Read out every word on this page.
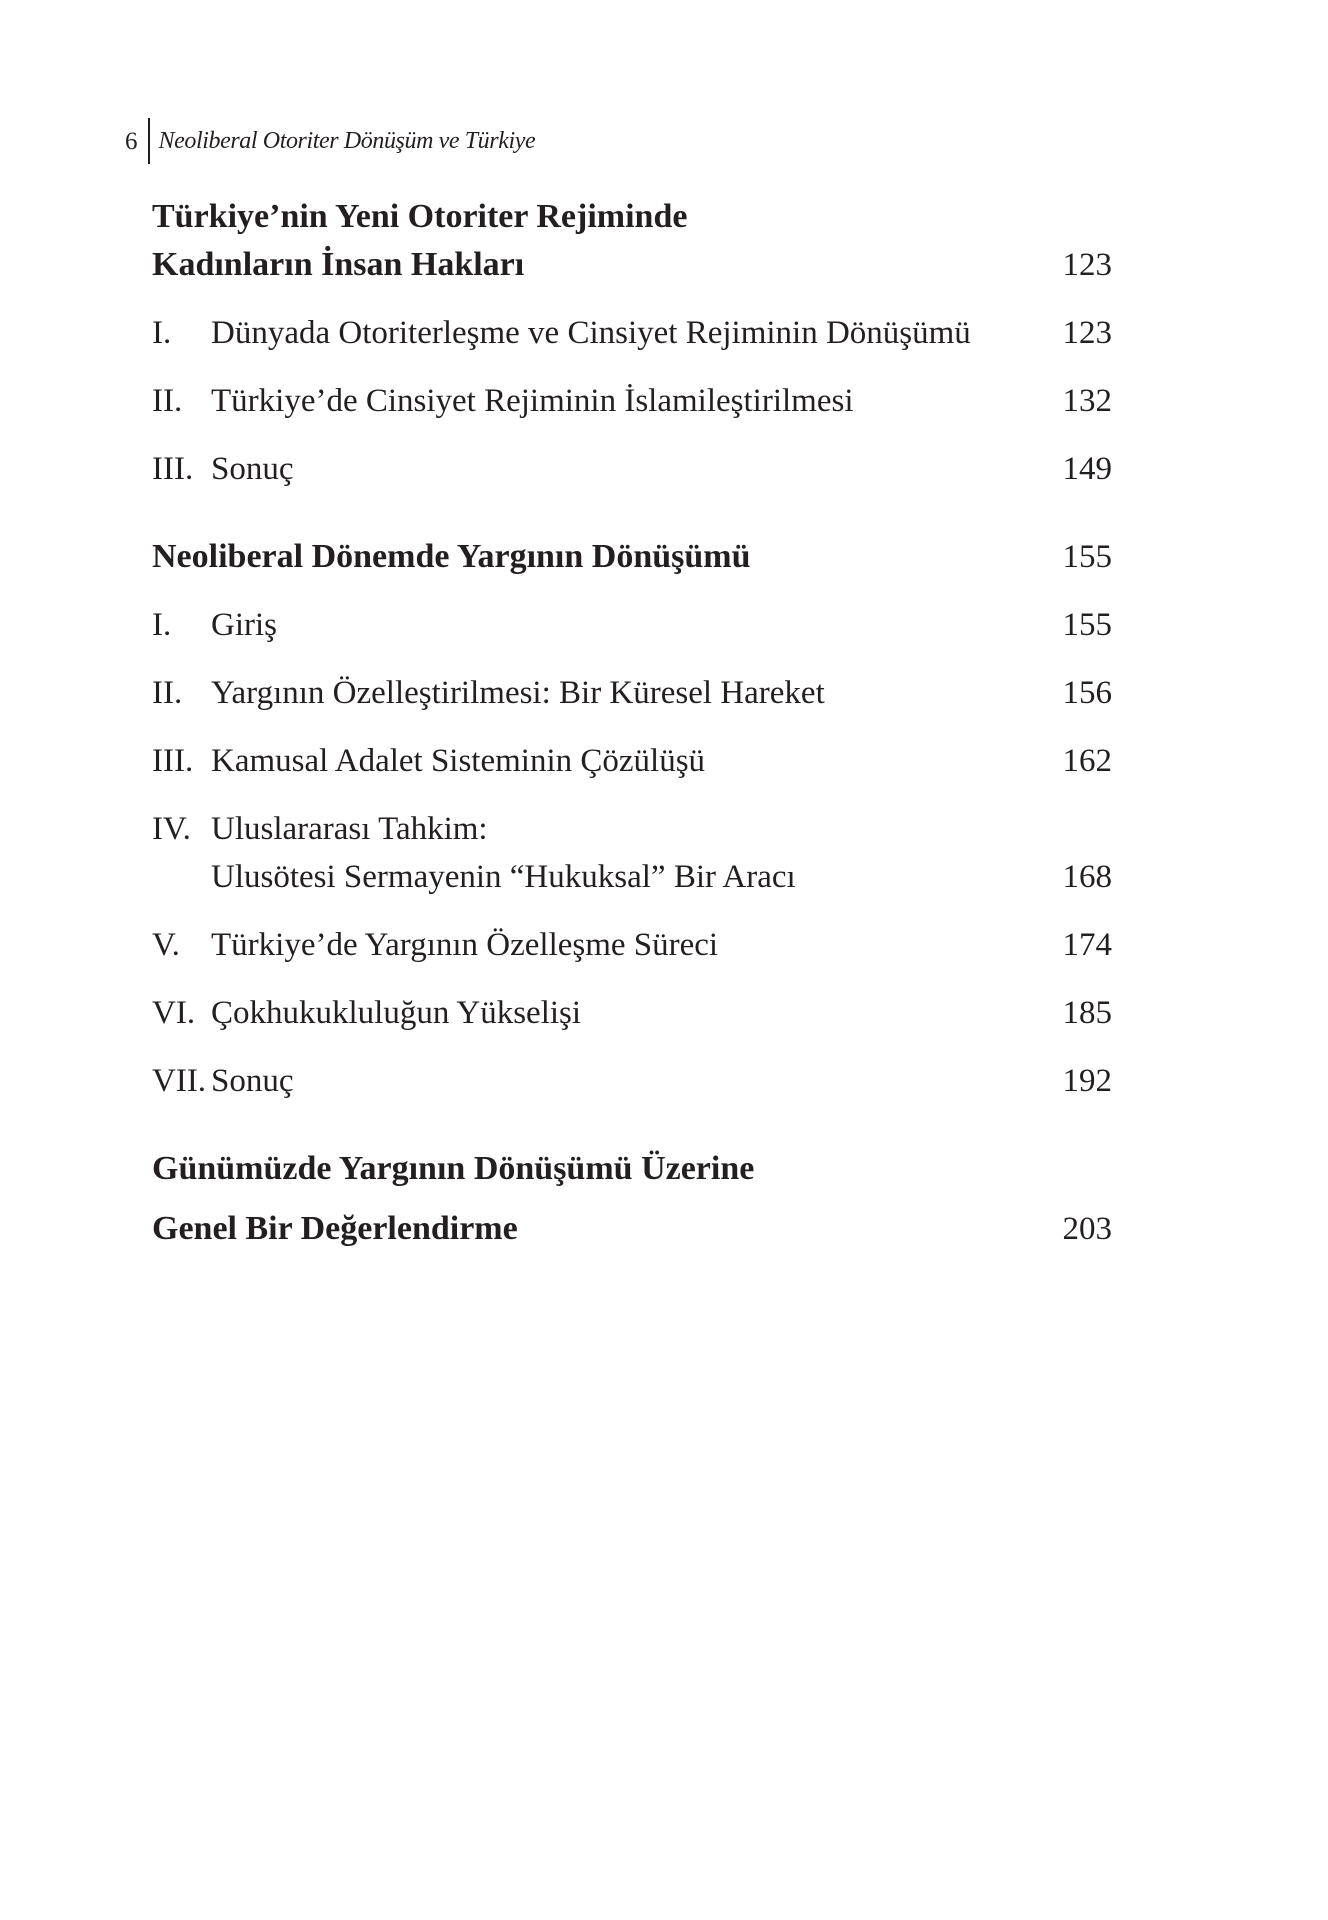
6 Neoliberal Otoriter Dönüşüm ve Türkiye
Türkiye’nin Yeni Otoriter Rejiminde
Kadınların İnsan Hakları	123
I.	Dünyada Otoriterleşme ve Cinsiyet Rejiminin Dönüşümü	123
II. Türkiye’de Cinsiyet Rejiminin İslamileştirilmesi	132
III. Sonuç	149
Neoliberal Dönemde Yargının Dönüşümü	155
I.	Giriş	155
II. Yargının Özelleştirilmesi: Bir Küresel Hareket	156
III. Kamusal Adalet Sisteminin Çözülüşü	162
IV. Uluslararası Tahkim:
Ulusötesi Sermayenin “Hukuksal” Bir Aracı	168
V. Türkiye’de Yargının Özelleşme Süreci	174
VI. Çokhukukluluğun Yükselişi	185
VII. Sonuç	192
Günümüzde Yargının Dönüşümü Üzerine
Genel Bir Değerlendirme	203
